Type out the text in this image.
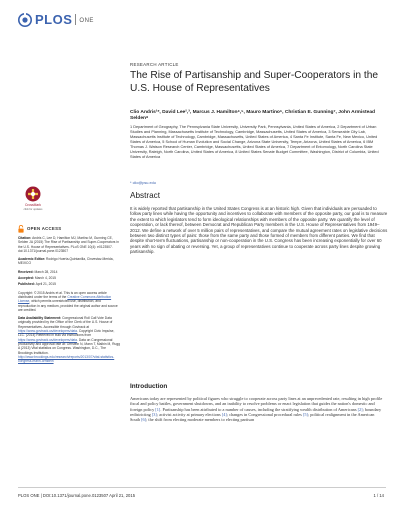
PLOS ONE
CrossMark
click for updates
OPEN ACCESS

Citation: Andris C, Lee D, Hamilton MJ, Martino M, Gunning CE, Selden JA (2015) The Rise of Partisanship and Super-Cooperators in the U.S. House of Representatives. PLoS ONE 10(4): e0123507. doi:10.1371/journal.pone.0123507

Academic Editor: Rodrigo Huerta-Quintanilla, Cinvestav-Merida, MEXICO

Received: March 28, 2014

Accepted: March 4, 2015

Published: April 21, 2015

Copyright: © 2015 Andris et al. This is an open access article distributed under the terms of the Creative Commons Attribution License, which permits unrestricted use, distribution, and reproduction in any medium, provided the original author and source are credited.

Data Availability Statement: Congressional Roll Call Vote Data originally provided by the Office of the Clerk of the U.S. House of Representatives. Accessible through Govtrack at https://www.govtrack.us/developers/data. Copyright Civic Impulse, LLC. (2014) Retrieved in bulk via instructions from https://www.govtrack.us/developers/data. Data on Congressional productivity and approval rate at: Ornstein N, Mann T, Malbin M, Rugg A (2013) Vital statistics on Congress. Washington, D.C., The Brookings Institution. http://www.brookings.edu/research/reports/2013/07/vital-statistics-congress-mann-ornstein

RESEARCH ARTICLE
The Rise of Partisanship and Super-Cooperators in the U.S. House of Representatives
Clio Andris¹*, David Lee²,³, Marcus J. Hamilton⁴,⁵, Mauro Martino⁶, Christian E. Gunning⁷, John Armistead Selden⁸
1 Department of Geography, The Pennsylvania State University, University Park, Pennsylvania, United States of America, 2 Department of Urban Studies and Planning, Massachusetts Institute of Technology, Cambridge, Massachusetts, United States of America, 3 Senseable City Lab, Massachusetts Institute of Technology, Cambridge, Massachusetts, United States of America, 4 Santa Fe Institute, Santa Fe, New Mexico, United States of America, 5 School of Human Evolution and Social Change, Arizona State University, Tempe, Arizona, United States of America, 6 IBM Thomas J. Watson Research Center, Cambridge, Massachusetts, United States of America, 7 Department of Entomology, North Carolina State University, Raleigh, North Carolina, United States of America, 8 United States Senate Budget Committee, Washington, District of Columbia, United States of America
* clio@psu.edu
Abstract

It is widely reported that partisanship in the United States Congress is at an historic high. Given that individuals are persuaded to follow party lines while having the opportunity and incentives to collaborate with members of the opposite party, our goal is to measure the extent to which legislators tend to form ideological relationships with members of the opposite party. We quantify the level of cooperation, or lack thereof, between Democrat and Republican Party members in the U.S. House of Representatives from 1949–2012. We define a network of over 5 million pairs of representatives, and compare the mutual agreement rates on legislative decisions between two distinct types of pairs: those from the same party and those formed of members from different parties. We find that despite short-term fluctuations, partisanship or non-cooperation in the U.S. Congress has been increasing exponentially for over 60 years with no sign of abating or reversing. Yet, a group of representatives continue to cooperate across party lines despite growing partisanship.

Introduction

Americans today are represented by political figures who struggle to cooperate across party lines at an unprecedented rate, resulting in high profile fiscal and policy battles, government shutdowns, and an inability to resolve problems or enact legislation that guides the nation's domestic and foreign policy [1]. Partisanship has been attributed to a number of causes, including the stratifying wealth distribution of Americans [2]; boundary redistricting [3]; activist activity at primary elections [4]; changes in Congressional procedural rules [5]; political realignment in the American South [6]; the shift from electing moderate members to electing partisan

PLOS ONE | DOI:10.1371/journal.pone.0123507 April 21, 2015	1 / 14
